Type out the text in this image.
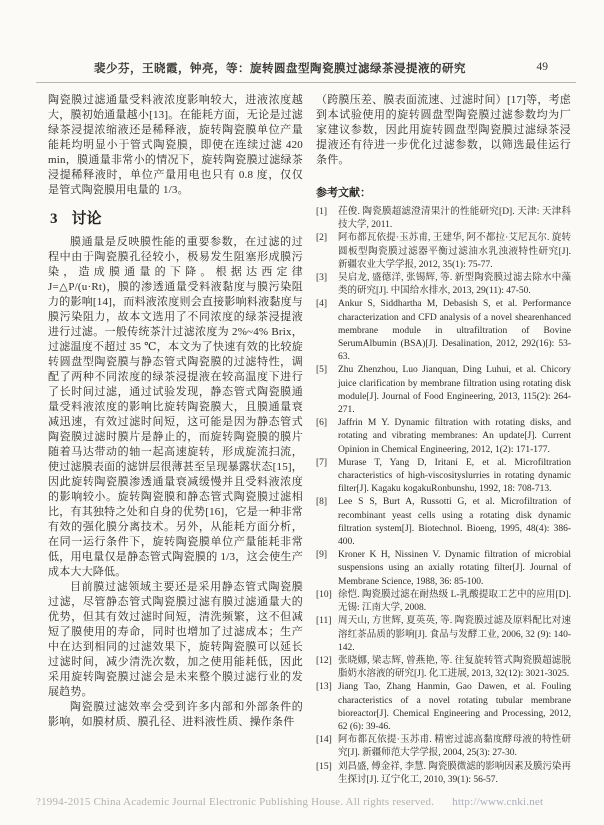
裴少芬，王晓霞，钟亮，等：旋转圆盘型陶瓷膜过滤绿茶浸提液的研究	49

陶瓷膜过滤通量受料液浓度影响较大，进液浓度越大，膜初始通量越小[13]。在能耗方面，无论是过滤绿茶浸提浓缩液还是稀释液，旋转陶瓷膜单位产量能耗均明显小于管式陶瓷膜，即使在连续过滤 420 min，膜通量非常小的情况下，旋转陶瓷膜过滤绿茶浸提稀释液时，单位产量用电也只有 0.8 度，仅仅是管式陶瓷膜用电量的 1/3。

3 讨论

膜通量是反映膜性能的重要参数，在过滤的过程中由于陶瓷膜孔径较小，极易发生阻塞形成膜污染，造成膜通量的下降。根据达西定律 J=△P/(u·Rt)，膜的渗透通量受料液黏度与膜污染阻力的影响[14]，而料液浓度则会直接影响料液黏度与膜污染阻力，故本文选用了不同浓度的绿茶浸提液进行过滤。一般传统茶汁过滤浓度为 2%~4% Brix，过滤温度不超过 35 ℃，本文为了快速有效的比较旋转圆盘型陶瓷膜与静态管式陶瓷膜的过滤特性，调配了两种不同浓度的绿茶浸提液在较高温度下进行了长时间过滤，通过试验发现，静态管式陶瓷膜通量受料液浓度的影响比旋转陶瓷膜大，且膜通量衰减迅速，有效过滤时间短，这可能是因为静态管式陶瓷膜过滤时膜片是静止的，而旋转陶瓷膜的膜片随着马达带动的轴一起高速旋转，形成旋流扫流，使过滤膜表面的滤饼层很薄甚至呈现暴露状态[15]，因此旋转陶瓷膜渗透通量衰减缓慢并且受料液浓度的影响较小。旋转陶瓷膜和静态管式陶瓷膜过滤相比，有其独特之处和自身的优势[16]，它是一种非常有效的强化膜分离技术。另外，从能耗方面分析，在同一运行条件下，旋转陶瓷膜单位产量能耗非常低，用电量仅是静态管式陶瓷膜的 1/3，这会使生产成本大大降低。

目前膜过滤领域主要还是采用静态管式陶瓷膜过滤，尽管静态管式陶瓷膜过滤有膜过滤通量大的优势，但其有效过滤时间短，清洗频繁，这不但减短了膜使用的寿命，同时也增加了过滤成本；生产中在达到相同的过滤效果下，旋转陶瓷膜可以延长过滤时间，减少清洗次数，加之使用能耗低，因此采用旋转陶瓷膜过滤会是未来整个膜过滤行业的发展趋势。

陶瓷膜过滤效率会受到许多内部和外部条件的影响，如膜材质、膜孔径、进料液性质、操作条件

（跨膜压差、膜表面流速、过滤时间）[17]等，考虑到本试验使用的旋转圆盘型陶瓷膜过滤参数均为厂家建议参数，因此用旋转圆盘型陶瓷膜过滤绿茶浸提液还有待进一步优化过滤参数，以筛选最佳运行条件。

参考文献：
[1]	茌俊. 陶瓷膜超滤澄清果汁的性能研究[D]. 天津: 天津科技大学, 2011.
[2]	阿布都瓦依提·玉苏甫, 王建华, 阿不都拉·艾尼瓦尔. 旋转圆板型陶瓷膜过滤器平衡过滤油水乳浊液特性研究[J]. 新疆农业大学学报, 2012, 35(1): 75-77.
[3]	吴启龙, 盛德洋, 张锡辉, 等. 新型陶瓷膜过滤去除水中藻类的研究[J]. 中国给水排水, 2013, 29(11): 47-50.
[4]	Ankur S, Siddhartha M, Debasish S, et al. Performance characterization and CFD analysis of a novel shearenhanced membrane module in ultrafiltration of Bovine SerumAlbumin (BSA)[J]. Desalination, 2012, 292(16): 53-63.
[5]	Zhu Zhenzhou, Luo Jianquan, Ding Luhui, et al. Chicory juice clarification by membrane filtration using rotating disk module[J]. Journal of Food Engineering, 2013, 115(2): 264-271.
[6]	Jaffrin M Y. Dynamic filtration with rotating disks, and rotating and vibrating membranes: An update[J]. Current Opinion in Chemical Engineering, 2012, 1(2): 171-177.
[7]	Murase T, Yang D, Iritani E, et al. Microfiltration characteristics of high-viscosityslurries in rotating dynamic filter[J]. Kagaku kogakuRonbunshu, 1992, 18: 708-713.
[8]	Lee S S, Burt A, Russotti G, et al. Microfiltration of recombinant yeast cells using a rotating disk dynamic filtration system[J]. Biotechnol. Bioeng, 1995, 48(4): 386-400.
[9]	Kroner K H, Nissinen V. Dynamic filtration of microbial suspensions using an axially rotating filter[J]. Journal of Membrane Science, 1988, 36: 85-100.
[10] 徐恺. 陶瓷膜过滤在耐热级 L-乳酸提取工艺中的应用[D]. 无锡: 江南大学, 2008.
[11] 周天山, 方世辉, 夏英英, 等. 陶瓷膜过滤及原料配比对速溶红茶品质的影响[J]. 食品与发酵工业, 2006, 32 (9): 140-142.
[12] 张晓娜, 梁志辉, 曾燕艳, 等. 往复旋转管式陶瓷膜超滤脱脂奶水溶液的研究[J]. 化工进展, 2013, 32(12): 3021-3025.
[13] Jiang Tao, Zhang Hanmin, Gao Dawen, et al. Fouling characteristics of a novel rotating tubular membrane bioreactor[J]. Chemical Engineering and Processing, 2012, 62 (6): 39-46.
[14] 阿布都瓦依提·玉苏甫. 精密过滤高黏度酵母液的特性研究[J]. 新疆师范大学学报, 2004, 25(3): 27-30.
[15] 刘昌盛, 傅金祥, 李慧. 陶瓷膜微滤的影响因素及膜污染再生探讨[J]. 辽宁化工, 2010, 39(1): 56-57.
?1994-2015 China Academic Journal Electronic Publishing House. All rights reserved. http://www.cnki.net
